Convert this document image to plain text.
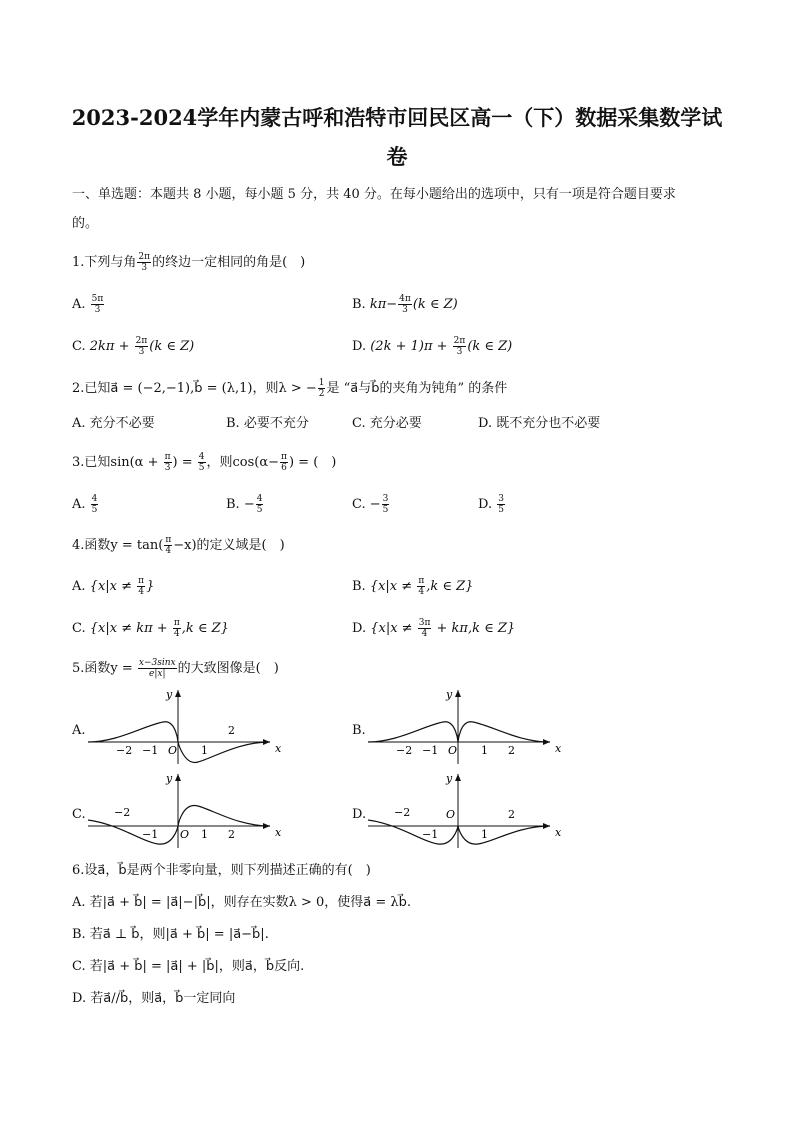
2023-2024学年内蒙古呼和浩特市回民区高一（下）数据采集数学试
卷
一、单选题：本题共 8 小题，每小题 5 分，共 40 分。在每小题给出的选项中，只有一项是符合题目要求
的。
1.下列与角 $\frac{2\pi}{3}$ 的终边一定相同的角是(　)
A. $\frac{5\pi}{3}$	B. $k\pi- \frac{4\pi}{3} (k$ ∈ Z)
C. $2k\pi + \frac{2\pi}{3} (k$ ∈ Z)	D. $(2k + 1)\pi + \frac{2\pi}{3} (k$ ∈ Z)
2.已知a⃗ = (−2,−1),b⃗ = (λ,1)，则λ > − $\frac{1}{2}$ 是 “a⃗与b⃗的夹角为钝角” 的条件
A. 充分不必要	B. 必要不充分	C. 充分必要	D. 既不充分也不必要
3.已知$\sin(\alpha + \frac{\pi}{3}$ ) = $\frac{4}{5}$ ，则$\cos(\alpha- \frac{\pi}{6}$ ) = (　)
A. $\frac{4}{5}$	B. − $\frac{4}{5}$	C. − $\frac{3}{5}$	D. $\frac{3}{5}$
4.函数$y = \tan( \frac{\pi}{4} -x)$的定义域是(　)
A. {$x|x \ne \frac{\pi}{4}$ }	B. {$x|x \ne \frac{\pi}{4} ,k$ ∈ Z}
C. {$x|x \ne k\pi + \frac{\pi}{4} ,k$ ∈ Z}	D. {$x|x \ne \frac{3\pi}{4} + k\pi,k$ ∈ Z}
5.函数$y = \frac{x-3\sin x}{e|x|}$ 的大致图像是(　)
A.	B.
C.	D.
x
y
O
−2 −1	1
2
x
y
O
−2 −1	1 2
x
y
O
−2
−1	1 2	x
y
O
−2
−1	1
2
6.设a⃗，b⃗是两个非零向量，则下列描述正确的有(　)
A. 若|a⃗ + b⃗| = |a⃗|−|b⃗|，则存在实数λ > 0，使得a⃗ = λb⃗.
B. 若a⃗ ⊥ b⃗，则|a⃗ + b⃗| = |a⃗−b⃗|.
C. 若|a⃗ + b⃗| = |a⃗| + |b⃗|，则a⃗，b⃗反向.
D. 若a⃗//b⃗，则a⃗，b⃗一定同向
